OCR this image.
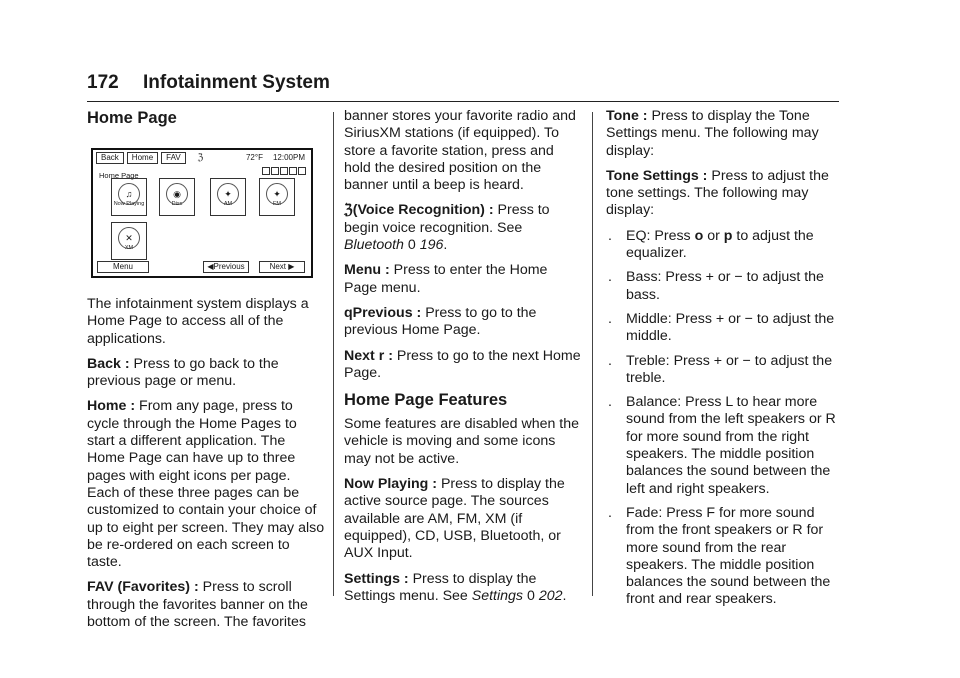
172 Infotainment System
Home Page
Back	Home	FAV	ℨ	72°F 12:00PM
Home Page
♫
Now Playing
◉
Disc
✦
AM
✦
FM
✕
XM
Menu	◀Previous	Next ▶

The infotainment system displays a Home Page to access all of the applications.

Back : Press to go back to the previous page or menu.

Home : From any page, press to cycle through the Home Pages to start a different application. The Home Page can have up to three pages with eight icons per page. Each of these three pages can be customized to contain your choice of up to eight per screen. They may also be re-ordered on each screen to taste.

FAV (Favorites) : Press to scroll through the favorites banner on the bottom of the screen. The favorites

banner stores your favorite radio and SiriusXM stations (if equipped). To store a favorite station, press and hold the desired position on the banner until a beep is heard.

ℨ(Voice Recognition) : Press to begin voice recognition. See Bluetooth 0 196.

Menu : Press to enter the Home Page menu.

qPrevious : Press to go to the previous Home Page.

Next r : Press to go to the next Home Page.

Home Page Features

Some features are disabled when the vehicle is moving and some icons may not be active.

Now Playing : Press to display the active source page. The sources available are AM, FM, XM (if equipped), CD, USB, Bluetooth, or AUX Input.

Settings : Press to display the Settings menu. See Settings 0 202.

Tone : Press to display the Tone Settings menu. The following may display:

Tone Settings : Press to adjust the tone settings. The following may display:

. EQ: Press o or p to adjust the equalizer.
. Bass: Press + or − to adjust the bass.
. Middle: Press + or − to adjust the middle.
. Treble: Press + or − to adjust the treble.
. Balance: Press L to hear more sound from the left speakers or R for more sound from the right speakers. The middle position balances the sound between the left and right speakers.
. Fade: Press F for more sound from the front speakers or R for more sound from the rear speakers. The middle position balances the sound between the front and rear speakers.
